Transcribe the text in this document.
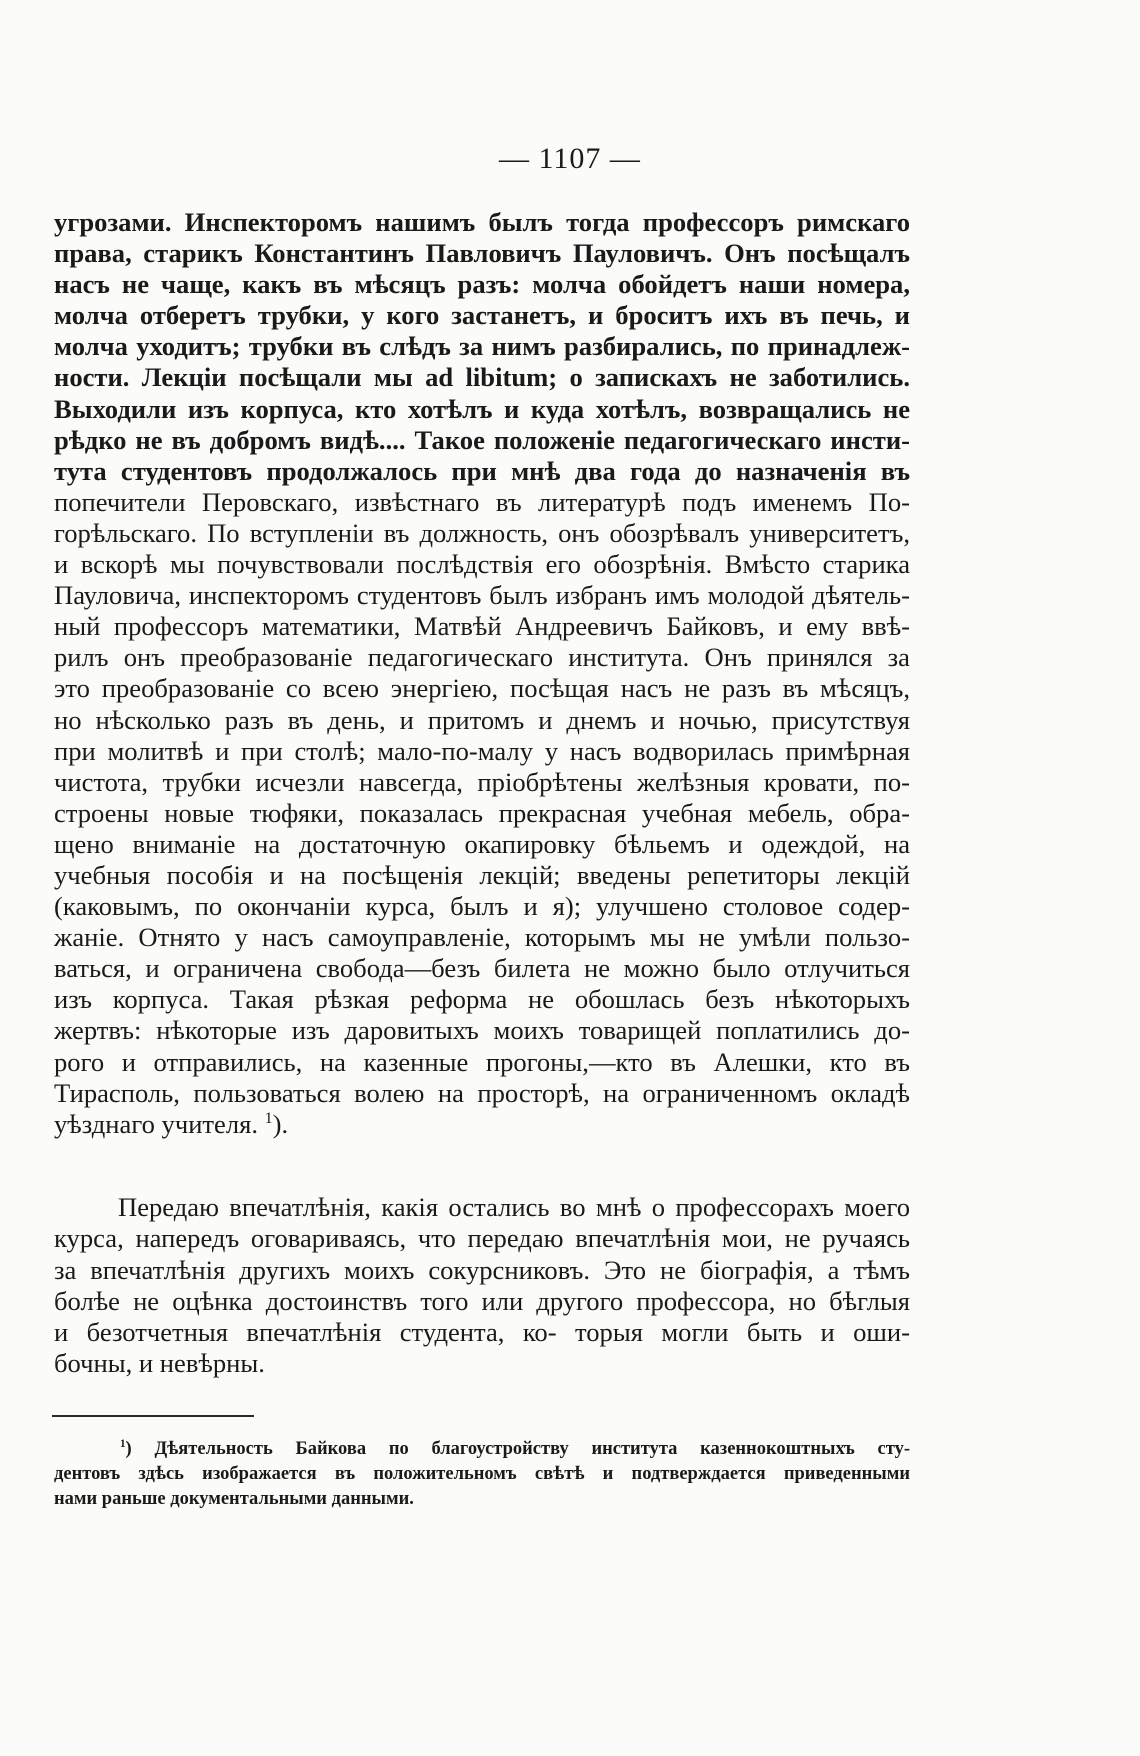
— 1107 —
угрозами. Инспекторомъ нашимъ былъ тогда профессоръ римскаго
права, старикъ Константинъ Павловичъ Пауловичъ. Онъ посѣщалъ
насъ не чаще, какъ въ мѣсяцъ разъ: молча обойдетъ наши номера,
молча отберетъ трубки, у кого застанетъ, и броситъ ихъ въ печь, и
молча уходитъ; трубки въ слѣдъ за нимъ разбирались, по принадлеж-
ности. Лекціи посѣщали мы ad libitum; о запискахъ не заботились.
Выходили изъ корпуса, кто хотѣлъ и куда хотѣлъ, возвращались не
рѣдко не въ добромъ видѣ.... Такое положеніе педагогическаго инсти-
тута студентовъ продолжалось при мнѣ два года до назначенія въ
попечители Перовскаго, извѣстнаго въ литературѣ подъ именемъ По-
горѣльскаго. По вступленіи въ должность, онъ обозрѣвалъ университетъ,
и вскорѣ мы почувствовали послѣдствія его обозрѣнія. Вмѣсто старика
Пауловича, инспекторомъ студентовъ былъ избранъ имъ молодой дѣятель-
ный профессоръ математики, Матвѣй Андреевичъ Байковъ, и ему ввѣ-
рилъ онъ преобразованіе педагогическаго института. Онъ принялся за
это преобразованіе со всею энергіею, посѣщая насъ не разъ въ мѣсяцъ,
но нѣсколько разъ въ день, и притомъ и днемъ и ночью, присутствуя
при молитвѣ и при столѣ; мало-по-малу у насъ водворилась примѣрная
чистота, трубки исчезли навсегда, пріобрѣтены желѣзныя кровати, по-
строены новые тюфяки, показалась прекрасная учебная мебель, обра-
щено вниманіе на достаточную окапировку бѣльемъ и одеждой, на
учебныя пособія и на посѣщенія лекцій; введены репетиторы лекцій
(каковымъ, по окончаніи курса, былъ и я); улучшено столовое содер-
жаніе. Отнято у насъ самоуправленіе, которымъ мы не умѣли пользо-
ваться, и ограничена свобода—безъ билета не можно было отлучиться
изъ корпуса. Такая рѣзкая реформа не обошлась безъ нѣкоторыхъ
жертвъ: нѣкоторые изъ даровитыхъ моихъ товарищей поплатились до-
рого и отправились, на казенные прогоны,—кто въ Алешки, кто въ
Тирасполь, пользоваться волею на просторѣ, на ограниченномъ окладѣ
уѣзднаго учителя. $^1$).
Передаю впечатлѣнія, какія остались во мнѣ о профессорахъ моего
курса, напередъ оговариваясь, что передаю впечатлѣнія мои, не ручаясь
за впечатлѣнія другихъ моихъ сокурсниковъ. Это не біографія, а тѣмъ
болѣе не оцѣнка достоинствъ того или другого профессора, но бѣглыя
и безотчетныя впечатлѣнія студента, ко- торыя могли быть и оши-
бочны, и невѣрны.
$^1$) Дѣятельность Байкова по благоустройству института казеннокоштныхъ сту-
дентовъ здѣсь изображается въ положительномъ свѣтѣ и подтверждается приведенными
нами раньше документальными данными.
